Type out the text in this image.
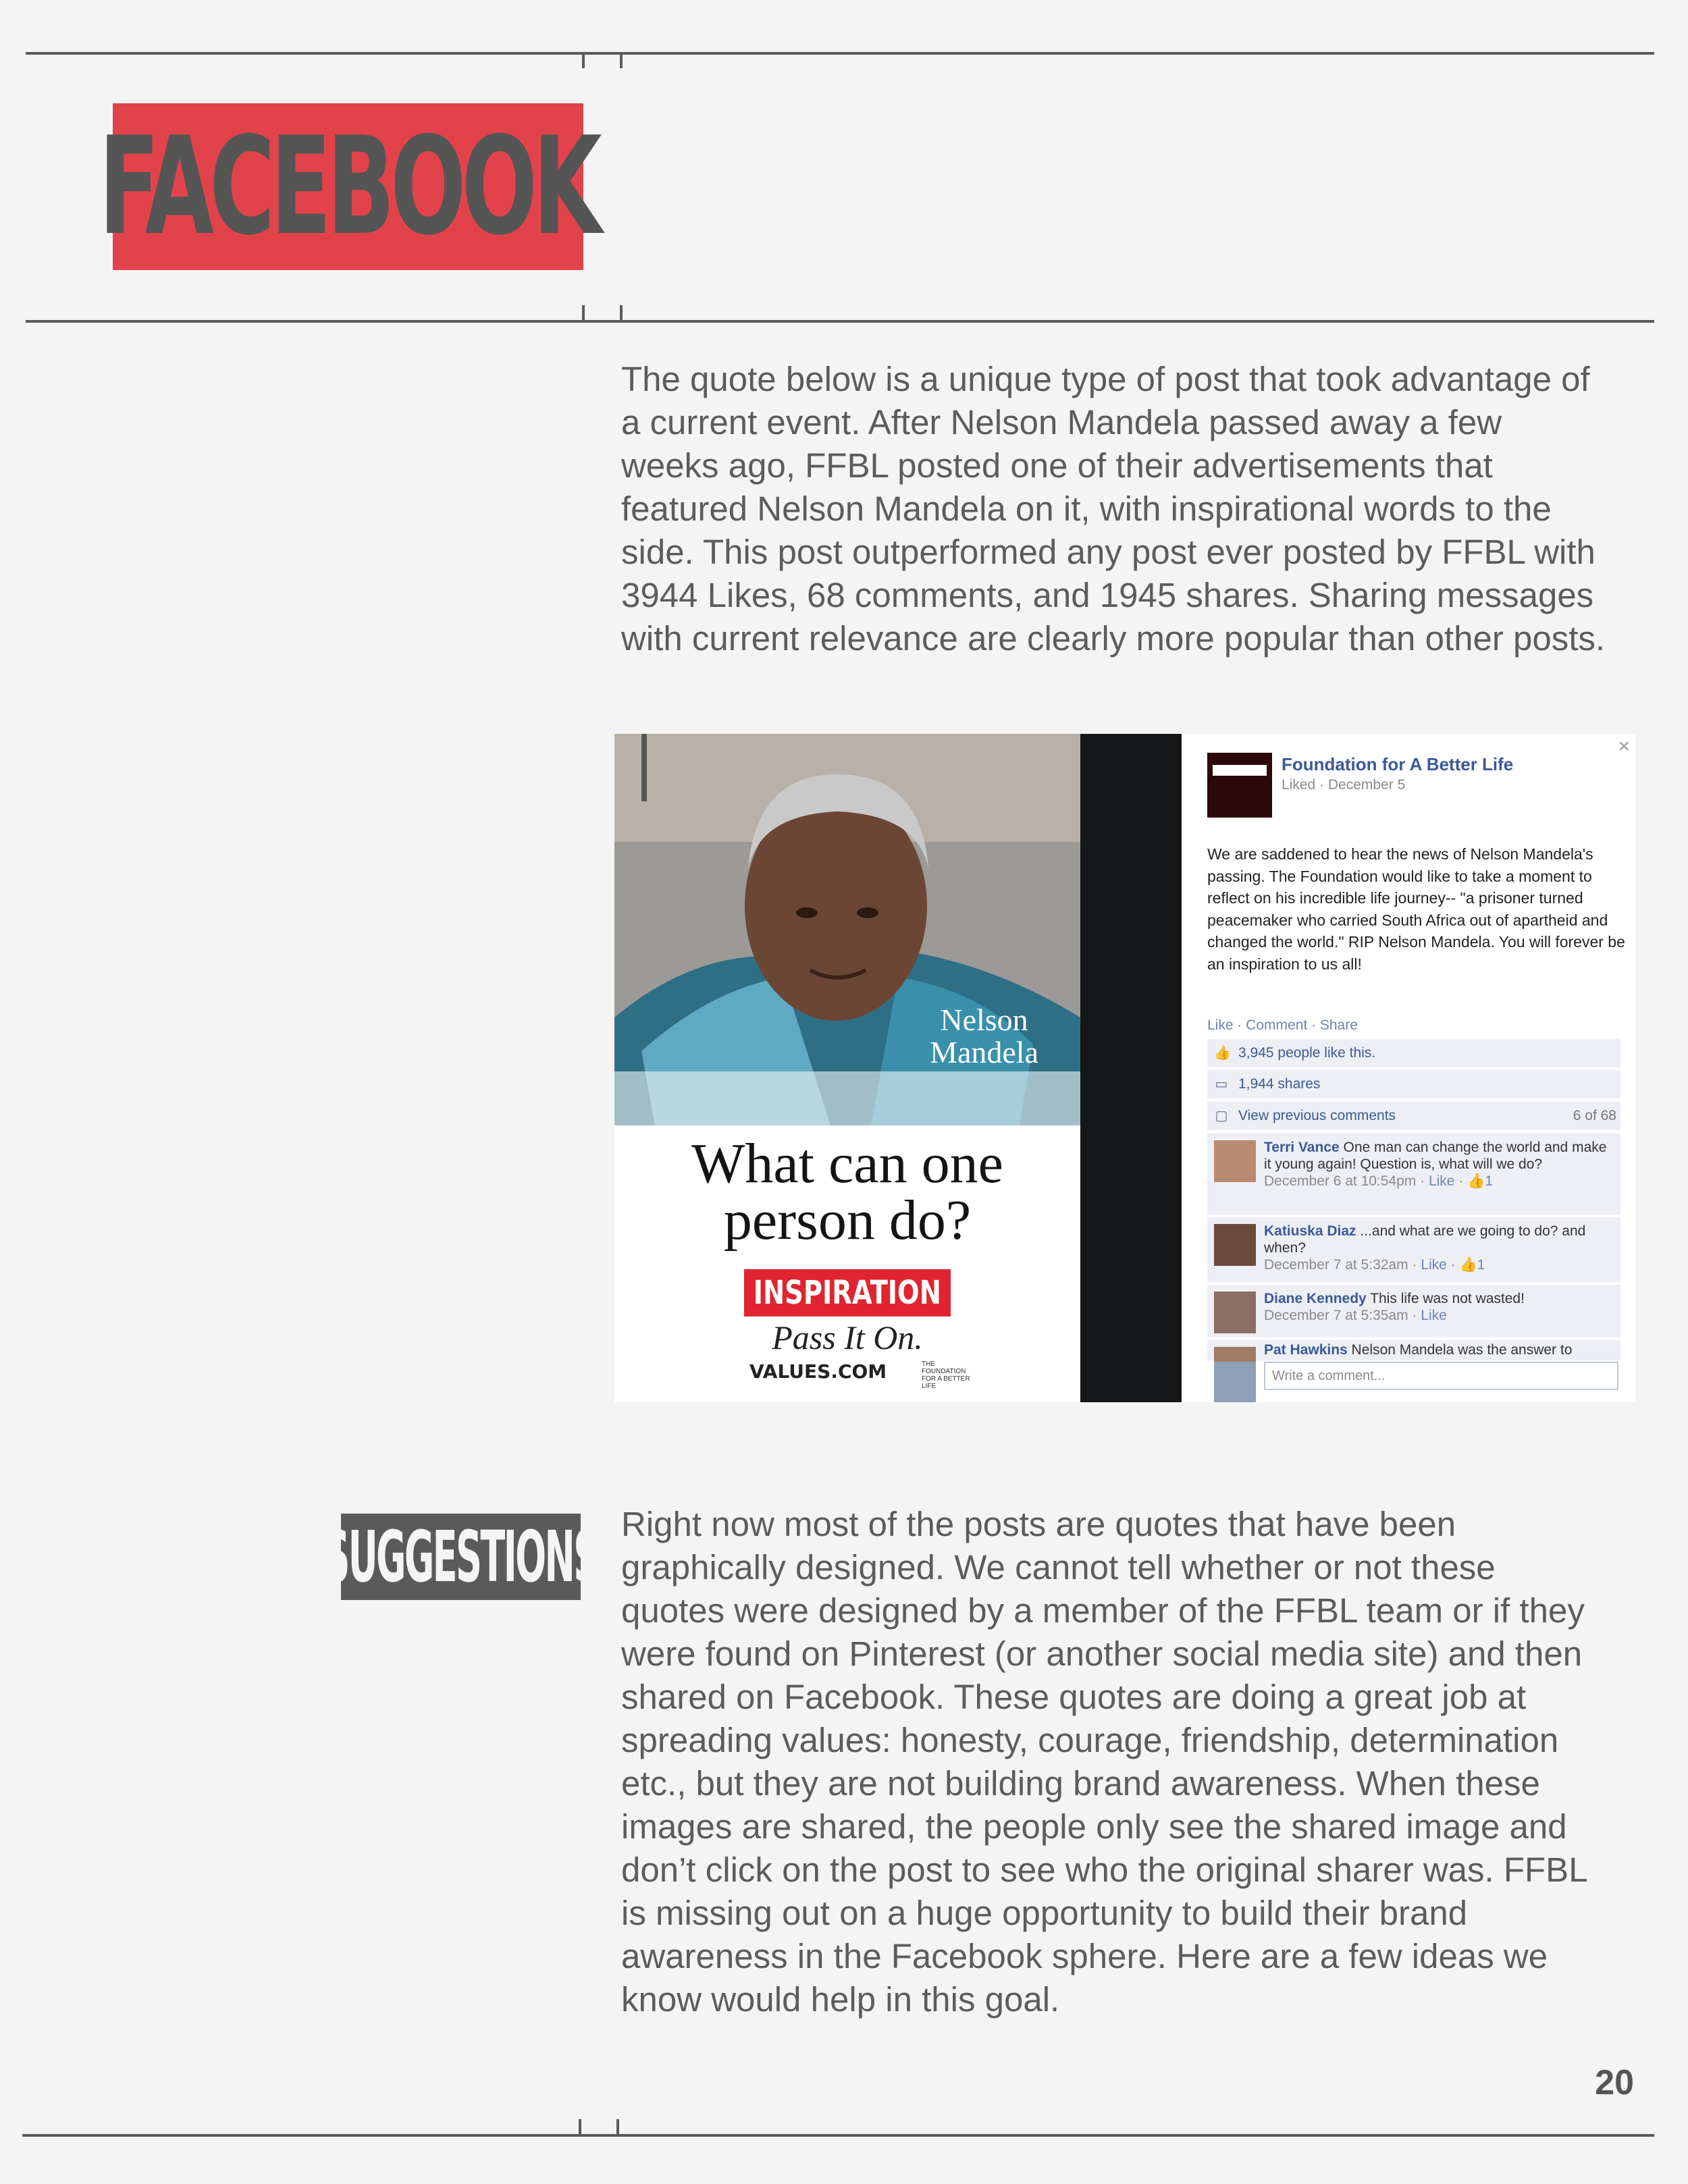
FACEBOOK

The quote below is a unique type of post that took advantage of a current event. After Nelson Mandela passed away a few weeks ago, FFBL posted one of their advertisements that featured Nelson Mandela on it, with inspirational words to the side. This post outperformed any post ever posted by FFBL with 3944 Likes, 68 comments, and 1945 shares. Sharing messages with current relevance are clearly more popular than other posts.

Nelson
Mandela
What can one
person do?
INSPIRATION
Pass It On.
VALUES.COM	THE FOUNDATION
FOR A BETTER LIFE
×
Foundation for A Better Life
Liked · December 5

We are saddened to hear the news of Nelson Mandela's passing. The Foundation would like to take a moment to reflect on his incredible life journey-- "a prisoner turned peacemaker who carried South Africa out of apartheid and changed the world." RIP Nelson Mandela. You will forever be an inspiration to us all!

Like · Comment · Share
👍 3,945 people like this.
▭ 1,944 shares
▢ View previous comments	6 of 68

Terri Vance One man can change the world and make it young again! Question is, what will we do?
December 6 at 10:54pm · Like · 👍1

Katiuska Diaz ...and what are we going to do? and when?
December 7 at 5:32am · Like · 👍1

Diane Kennedy This life was not wasted!
December 7 at 5:35am · Like

Pat Hawkins Nelson Mandela was the answer to

Write a comment...
SUGGESTIONS Right now most of the posts are quotes that have been graphically designed. We cannot tell whether or not these quotes were designed by a member of the FFBL team or if they were found on Pinterest (or another social media site) and then shared on Facebook. These quotes are doing a great job at spreading values: honesty, courage, friendship, determination etc., but they are not building brand awareness. When these images are shared, the people only see the shared image and don’t click on the post to see who the original sharer was. FFBL is missing out on a huge opportunity to build their brand awareness in the Facebook sphere. Here are a few ideas we know would help in this goal.

20
